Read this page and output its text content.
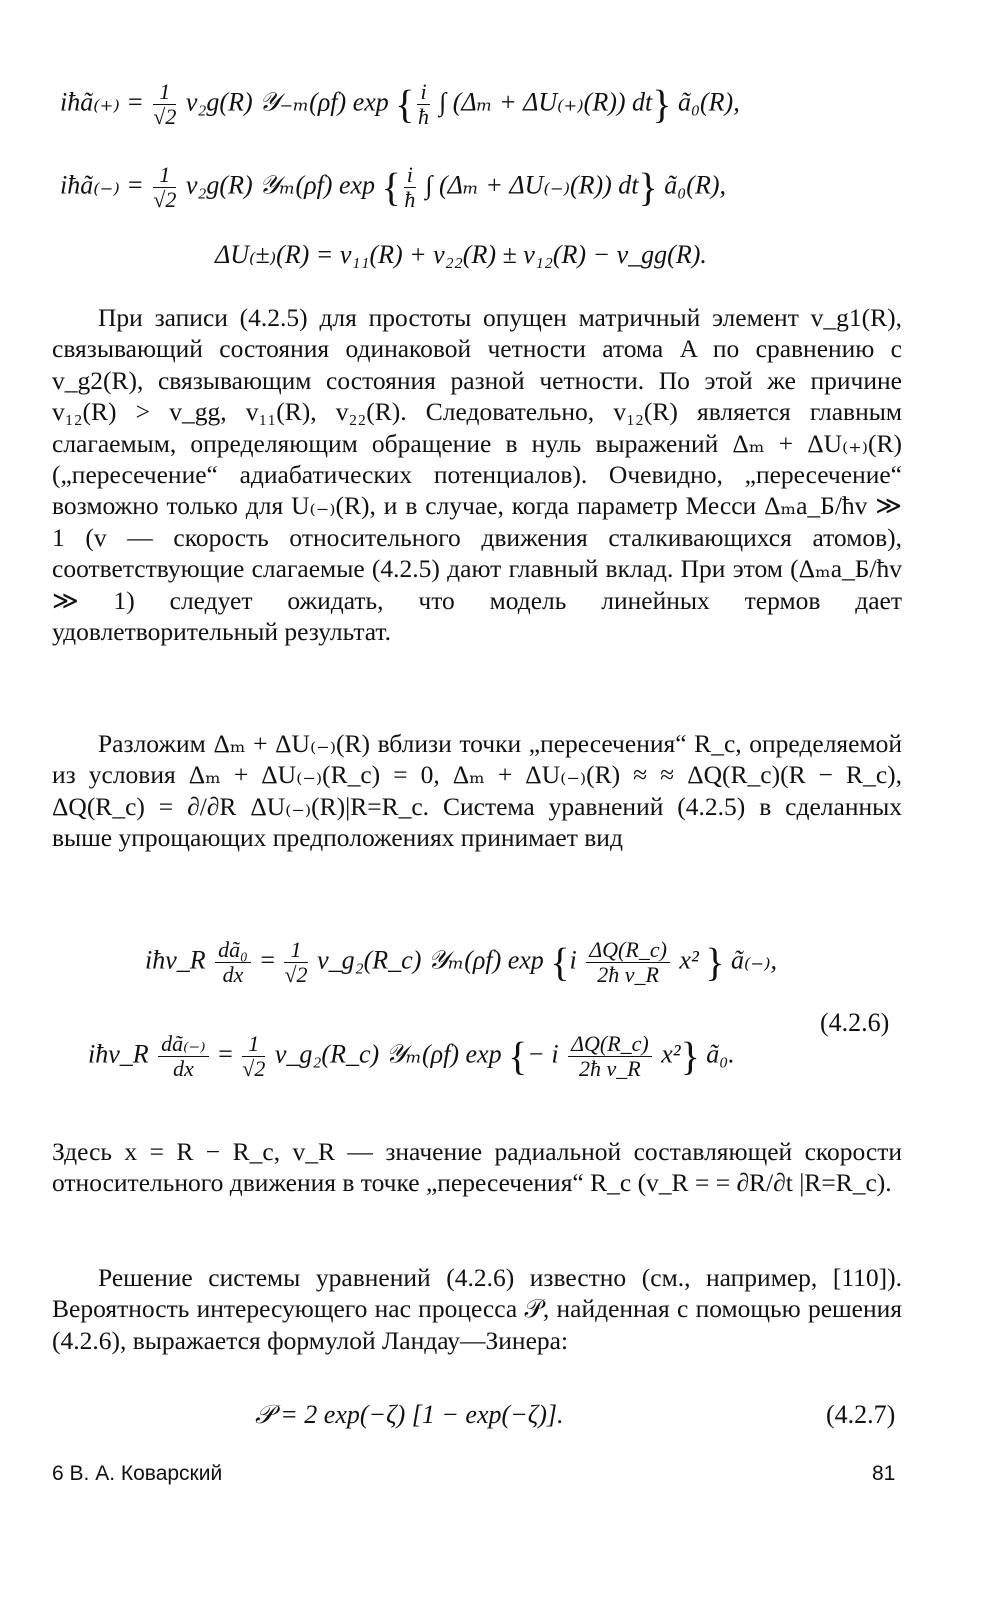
iħã₍₊₎ = $\frac{1}{√2} v_2g(R)$ 𝒴₋ₘ(ρf) exp { $\frac{i}{ħ}$ ∫ (Δₘ + ΔU₍₊₎(R)) dt} ã₀(R),
iħã₍₋₎ = $\frac{1}{√2} v_2g(R)$ 𝒴ₘ(ρf) exp { $\frac{i}{ħ}$ ∫ (Δₘ + ΔU₍₋₎(R)) dt} ã₀(R),
ΔU₍±₎(R) = v₁₁(R) + v₂₂(R) ± v₁₂(R) − v_gg(R).
При записи (4.2.5) для простоты опущен матричный элемент v_g1(R), связывающий состояния одинаковой четности атома A по сравнению с v_g2(R), связывающим состояния разной четности. По этой же причине v₁₂(R) > v_gg, v₁₁(R), v₂₂(R). Следовательно, v₁₂(R) является главным слагаемым, определяющим обращение в нуль выражений Δₘ + ΔU₍₊₎(R) („пересечение“ адиабатических потенциалов). Очевидно, „пересечение“ возможно только для U₍₋₎(R), и в случае, когда параметр Месси Δₘa_Б/ħv ≫ 1 (v — скорость относительного движения сталкивающихся атомов), соответствующие слагаемые (4.2.5) дают главный вклад. При этом (Δₘa_Б/ħv ≫ 1) следует ожидать, что модель линейных термов дает удовлетворительный результат.
Разложим Δₘ + ΔU₍₋₎(R) вблизи точки „пересечения“ R_c, определяемой из условия Δₘ + ΔU₍₋₎(R_c) = 0, Δₘ + ΔU₍₋₎(R) ≈ ≈ ΔQ(R_c)(R − R_c), ΔQ(R_c) = ∂/∂R ΔU₍₋₎(R)|R=R_c. Система уравнений (4.2.5) в сделанных выше упрощающих предположениях принимает вид
iħv_R $\frac{\text{dã₀}}{dx} = \frac{1}{√2}$ v_g₂(R_c) 𝒴ₘ(ρf) $\exp \{i \frac{\Delta Q(R\_c)}{\text{2ħ v\_R}} x^2$ } ã₍₋₎,
(4.2.6)
iħv_R $\frac{dã_{(-)}}{dx} = \frac{1}{√2}$ v_g₂(R_c) 𝒴ₘ(ρf) exp {− i $\frac{\Delta Q(R\_c)}{\text{2ħ v\_R}} x^2$} ã₀.
Здесь x = R − R_c, v_R — значение радиальной составляющей скорости относительного движения в точке „пересечения“ R_c (v_R = = ∂R/∂t |R=R_c).
Решение системы уравнений (4.2.6) известно (см., например, [110]). Вероятность интересующего нас процесса 𝒫, найденная с помощью решения (4.2.6), выражается формулой Ландау—Зинера:
𝒫 = 2 exp(−ζ) [1 − exp(−ζ)].	(4.2.7)
6 В. А. Коварский	81
